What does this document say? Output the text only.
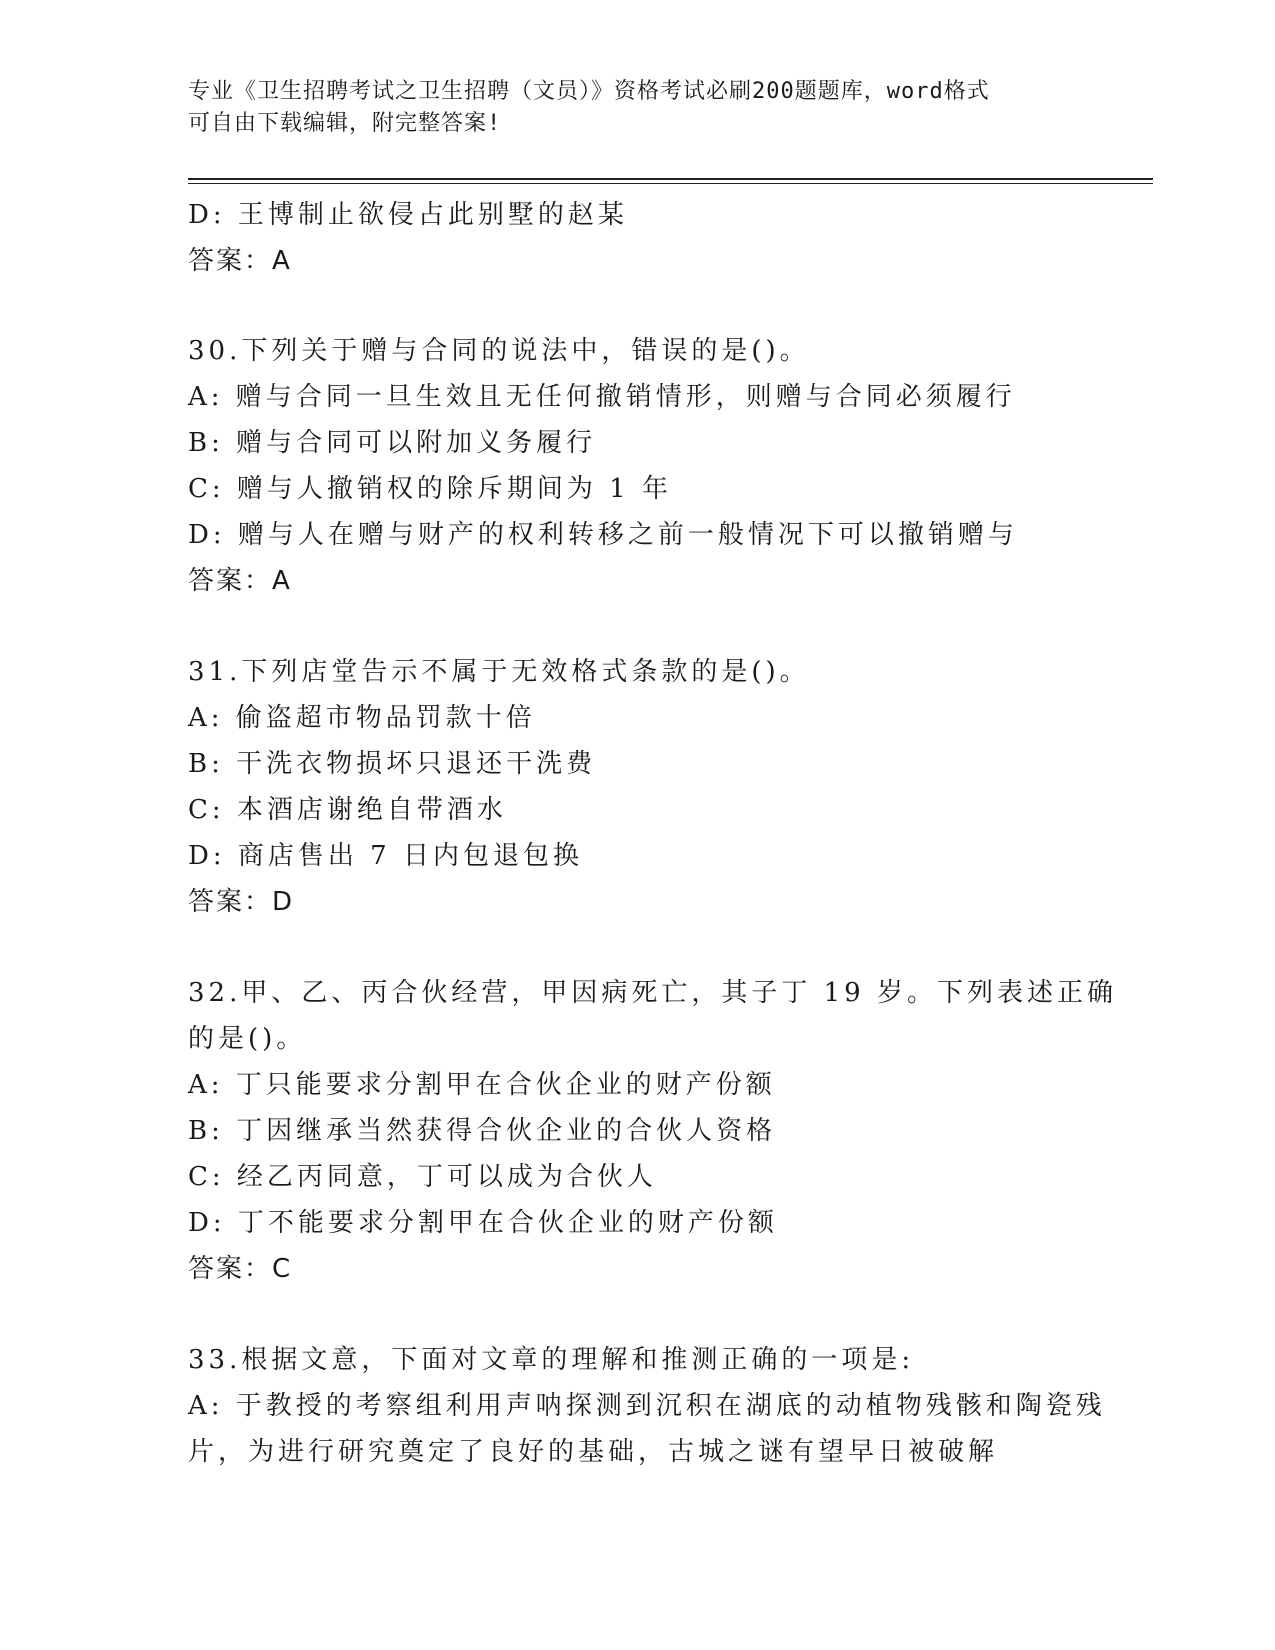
专业《卫生招聘考试之卫生招聘（文员）》资格考试必刷200题题库，word格式
可自由下载编辑，附完整答案!
D: 王博制止欲侵占此别墅的赵某
答案：A
30.下列关于赠与合同的说法中，错误的是()。
A: 赠与合同一旦生效且无任何撤销情形，则赠与合同必须履行
B: 赠与合同可以附加义务履行
C: 赠与人撤销权的除斥期间为 1 年
D: 赠与人在赠与财产的权利转移之前一般情况下可以撤销赠与
答案：A
31.下列店堂告示不属于无效格式条款的是()。
A: 偷盗超市物品罚款十倍
B: 干洗衣物损坏只退还干洗费
C: 本酒店谢绝自带酒水
D: 商店售出 7 日内包退包换
答案：D
32.甲、乙、丙合伙经营，甲因病死亡，其子丁 19 岁。下列表述正确
的是()。
A: 丁只能要求分割甲在合伙企业的财产份额
B: 丁因继承当然获得合伙企业的合伙人资格
C: 经乙丙同意，丁可以成为合伙人
D: 丁不能要求分割甲在合伙企业的财产份额
答案：C
33.根据文意，下面对文章的理解和推测正确的一项是:
A: 于教授的考察组利用声呐探测到沉积在湖底的动植物残骸和陶瓷残
片，为进行研究奠定了良好的基础，古城之谜有望早日被破解
